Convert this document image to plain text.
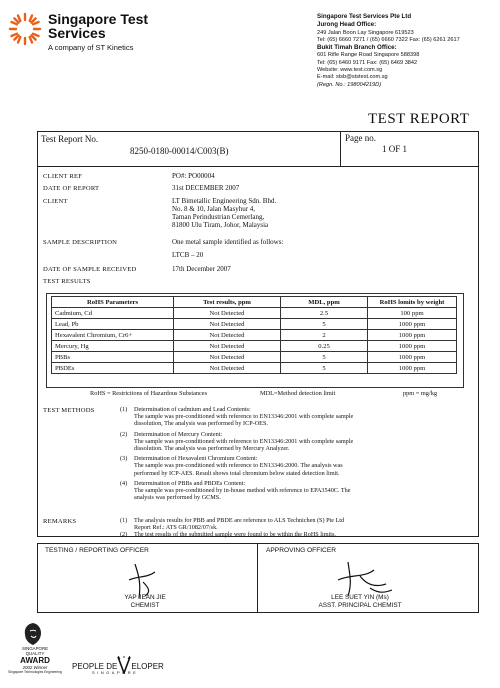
Singapore Test
Services
A company of ST Kinetics
Singapore Test Services Pte Ltd
Jurong Head Office:
249 Jalan Boon Lay Singapore 619523
Tel: (65) 6660 7271 / (65) 6660 7322 Fax: (65) 6261 2617
Bukit Timah Branch Office:
601 Rifle Range Road Singapore 588398
Tel: (65) 6460 9171 Fax: (65) 6469 3842
Website: www.test.com.sg
E-mail: stsb@ststest.com.sg
(Regn. No.: 198004219D)
TEST REPORT
Test Report No.
8250-0180-00014/C003(B)
Page no.
1 OF 1
CLIENT REF	PO#: PO00004
DATE OF REPORT	31st DECEMBER 2007
CLIENT	LT Bimetallic Engineering Sdn. Bhd.
No. 8 & 10, Jalan Masyhur 4,
Taman Perindustrian Cemerlang,
81800 Ulu Tiram, Johor, Malaysia
SAMPLE DESCRIPTION	One metal sample identified as follows:
LTCB – 20
DATE OF SAMPLE RECEIVED	17th December 2007
TEST RESULTS
RoHS Parameters	Test results, ppm	MDL, ppm	RoHS lomits by weight
Cadmium, Cd	Not Detected	2.5	100 ppm
Lead, Pb	Not Detected	5	1000 ppm
Hexavalent Chromium, Cr6+	Not Detected	2	1000 ppm
Mercury, Hg	Not Detected	0.25	1000 ppm
PBBs	Not Detected	5	1000 ppm
PBDEs	Not Detected	5	1000 ppm
RoHS = Restrictions of Hazardous Substances	MDL=Method detection limit	ppm = mg/kg
TEST METHODS	(1)	Determination of cadmium and Lead Contents:
The sample was pre-conditioned with reference to EN13346:2001 with complete sample
dissolution, The analysis was performed by ICP-OES.
(2)	Determination of Mercury Content:
The sample was pre-conditioned with reference to EN13346:2001 with complete sample
dissolution. The analysis was performed by Mercury Analyzer.
(3)	Determination of Hexavalent Chromium Content:
The sample was pre-conditioned with reference to EN13346:2000. The analysis was
performed by ICP-AES. Result shows total chromium below stated detection limit.
(4)	Determination of PBBs and PBDEs Content:
The sample was pre-conditioned by in-house method with reference to EPA3540C. The
analysis was performed by GCMS.
REMARKS	(1)	The analysis results for PBB and PBDE are reference to ALS Technichen (S) Pte Ltd
Report Ref.: ATS GR/1082/07/sk.
(2)	The test results of the submitted sample were found to be within the RoHS limits.
TESTING / REPORTING OFFICER	APPROVING OFFICER
YAP JEAN JIE
CHEMIST
LEE SUET YIN (Ms)
ASST. PRINCIPAL CHEMIST
SINGAPORE
QUALITY
AWARD
2002 Winner
Singapore Technologies Engineering
PEOPLE DE ELOPER
SINGAPORE
